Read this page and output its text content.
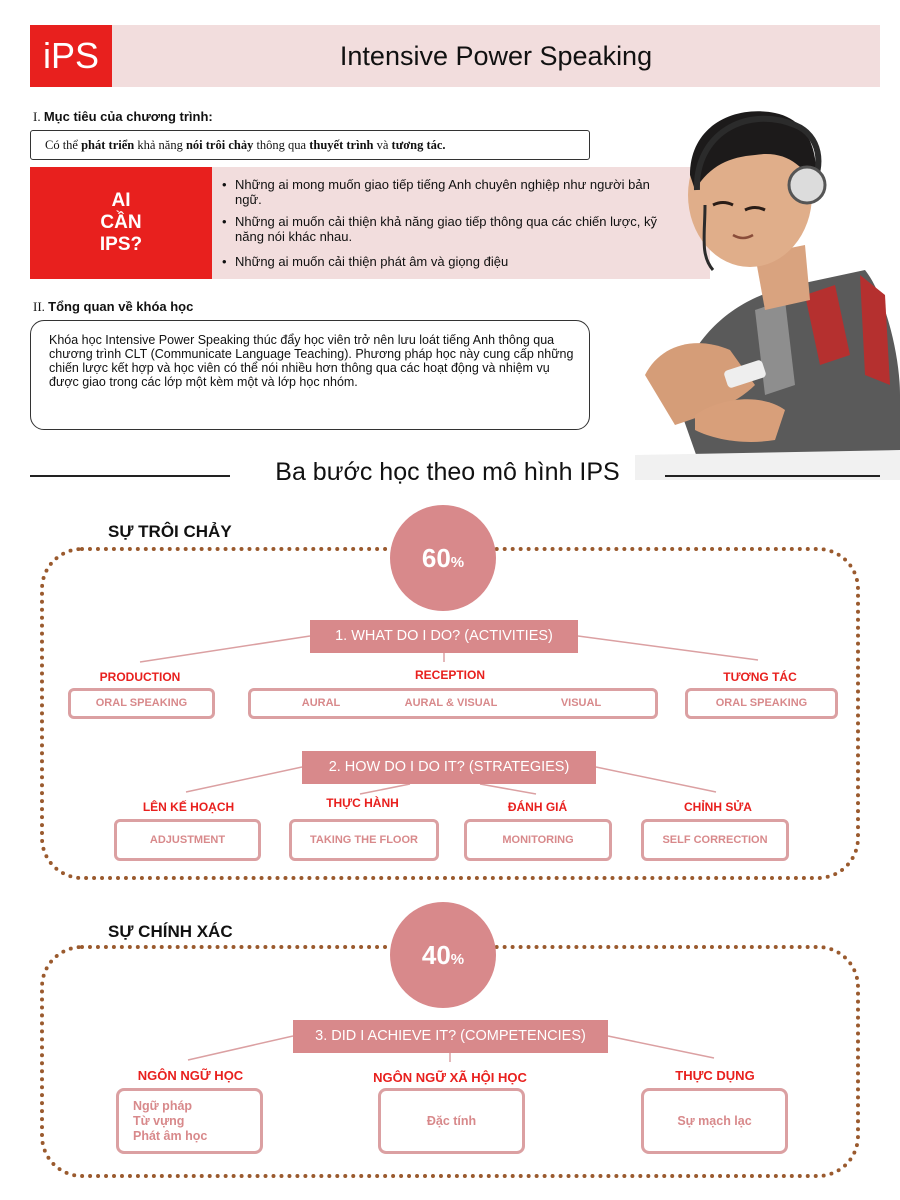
iPS	Intensive Power Speaking
I. Mục tiêu của chương trình:
Có thể phát triển khả năng nói trôi chảy thông qua thuyết trình và tương tác.
AI
CẦN
IPS?
• Những ai mong muốn giao tiếp tiếng Anh chuyên nghiệp như người bản ngữ.
• Những ai muốn cải thiện khả năng giao tiếp thông qua các chiến lược, kỹ năng nói khác nhau.
• Những ai muốn cải thiện phát âm và giọng điệu
II. Tổng quan về khóa học
Khóa học Intensive Power Speaking thúc đẩy học viên trở nên lưu loát tiếng Anh thông qua chương trình CLT (Communicate Language Teaching). Phương pháp học này cung cấp những chiến lược kết hợp và học viên có thể nói nhiều hơn thông qua các hoạt động và nhiệm vụ được giao trong các lớp một kèm một và lớp học nhóm.
Ba bước học theo mô hình IPS
SỰ TRÔI CHẢY
60%
1. WHAT DO I DO? (ACTIVITIES)
PRODUCTION
ORAL SPEAKING
RECEPTION
AURAL	AURAL & VISUAL	VISUAL
TƯƠNG TÁC
ORAL SPEAKING
2. HOW DO I DO IT? (STRATEGIES)
LÊN KẾ HOẠCH
ADJUSTMENT
THỰC HÀNH
TAKING THE FLOOR
ĐÁNH GIÁ
MONITORING
CHỈNH SỬA
SELF CORRECTION
SỰ CHÍNH XÁC
40%
3. DID I ACHIEVE IT? (COMPETENCIES)
NGÔN NGỮ HỌC
Ngữ pháp
Từ vựng
Phát âm học
NGÔN NGỮ XÃ HỘI HỌC
Đặc tính
THỰC DỤNG
Sự mạch lạc
